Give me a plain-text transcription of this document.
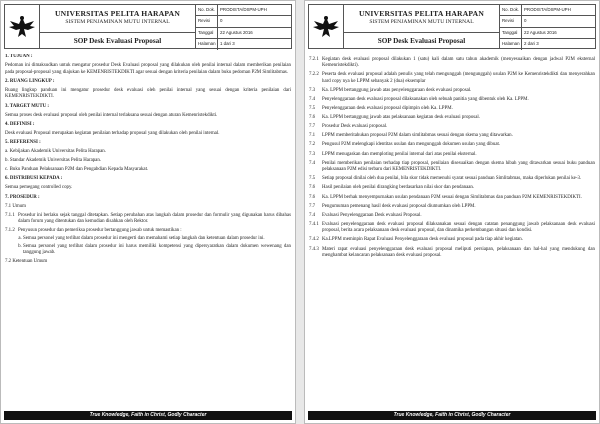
UNIVERSITAS PELITA HARAPAN
SISTEM PENJAMINAN MUTU INTERNAL
SOP Desk Evaluasi Proposal
No. Dok.	PRODISTA/DSPM-UPH
Revisi	0
Tanggal	22 Agustus 2016
Halaman	1 dari 3
1. TUJUAN :

Pedoman ini dimaksudkan untuk mengatur prosedur Desk Evaluasi proposal yang dilakukan oleh penilai internal dalam memberikan penilaian pada proposal-proposal yang diajukan ke KEMENRISTEKDIKTI agar sesuai dengan kriteria penilaian dalam buku pedoman P2M Simlitabmas.

2. RUANG LINGKUP :

Ruang lingkup panduan ini mengatur prosedur desk evaluasi oleh penilai internal yang sesuai dengan kriteria penilaian dari KEMENRISTEKDIKTI.

3. TARGET MUTU :

Semua proses desk evaluasi proposal oleh penilai internal terlaksana sesuai dengan aturan Kemenristekdikti.

4. DEFINISI :

Desk evaluasi Proposal merupakan kegiatan penilaian terhadap proposal yang dilakukan oleh penilai internal.

5. REFERENSI :

a. Kebijakan Akademik Universitas Pelita Harapan.

b. Standar Akademik Universitas Pelita Harapan.

c. Buku Panduan Pelaksanaan P2M dan Pengabdian Kepada Masyarakat.

6. DISTRIBUSI KEPADA :

Semua pemegang controlled copy.

7. PROSEDUR :

7.1 Umum

7.1.1 Prosedur ini berlaku sejak tanggal ditetapkan. Setiap perubahan atas langkah dalam prosedur dan formulir yang digunakan harus dibahas dalam forum yang ditentukan dan kemudian disahkan oleh Rektor.
7.1.2 Penyusun prosedur dan pemeriksa prosedur bertanggung jawab untuk memastikan :
a. Semua personel yang terlibat dalam prosedur ini mengerti dan memahami setiap langkah dan ketentuan dalam prosedur ini.
b. Semua personel yang terlibat dalam prosedur ini harus memiliki kompetensi yang dipersyaratkan dalam dokumen wewenang dan tanggung jawab.

7.2 Ketentuan Umum

True Knowledge, Faith in Christ, Godly Character
UNIVERSITAS PELITA HARAPAN
SISTEM PENJAMINAN MUTU INTERNAL
SOP Desk Evaluasi Proposal
No. Dok.	PRODISTA/DSPM-UPH
Revisi	0
Tanggal	22 Agustus 2016
Halaman	2 dari 3
7.2.1 Kegiatan desk evaluasi proposal dilakukan 1 (satu) kali dalam satu tahun akademik (menyesuaikan dengan jadwal P2M eksternal Kemenristekdikti).
7.2.2 Peserta desk evaluasi proposal adalah penulis yang telah mengunggah (mengunggah) usulan P2M ke Kemenristekdikti dan menyerahkan hard copy nya ke LPPM sebanyak 2 (dua) eksemplar
7.3	Ka. LPPM bertanggung jawab atas penyelenggaraan desk evaluasi proposal.
7.4	Penyelenggaraan desk evaluasi proposal dilaksanakan oleh sebuah panitia yang dibentuk oleh Ka. LPPM.
7.5	Penyelenggaraan desk evaluasi proposal dipimpin oleh Ka. LPPM.
7.6	Ka. LPPM bertanggung jawab atas pelaksanaan kegiatan desk evaluasi proposal.
7.7	Prosedur Desk evaluasi proposal.
7.1	LPPM memberitahukan proposal P2M dalam simlitabmas sesuai dengan skema yang ditawarkan.
7.2	Pengusul P2M melengkapi identitas usulan dan mengunggah dokumen usulan yang dibuat.
7.3	LPPM menugaskan dan memploting penilai internal dari atas penilai eksternal.
7.4	Penilai memberikan penilaian terhadap tiap proposal, penilaian disesuaikan dengan skema hibah yang ditawarkan sesuai buku panduan pelaksanaan P2M edisi terbaru dari KEMENRISTEKDIKTI.
7.5	Setiap proposal dinilai oleh dua penilai, bila skor tidak memenuhi syarat sesuai panduan Simlitabmas, maka diperlukan penilai ke-3.
7.6	Hasil penilaian oleh penilai dirangking berdasarkan nilai skor dan pendanaan.
7.6	Ka. LPPM berhak menyempurnakan usulan pendanaan P2M sesuai dengan Simlitabmas dan panduan P2M KEMENRISTEKDIKTI.
7.7	Pengumuman pemenang hasil desk evaluasi proposal diumumkan oleh LPPM.
7.4	Evaluasi Penyelenggaraan Desk evaluasi Proposal.
7.4.1 Evaluasi penyelenggaraan desk evaluasi proposal dilaksanakan sesuai dengan catatan penanggung jawab pelaksanaan desk evaluasi proposal, berita acara pelaksanaan desk evaluasi proposal, dan dinamika perkembangan situasi dan kondisi.
7.4.2 Ka.LPPM meminpin Rapat Evaluasi Penyelenggaraan desk evaluasi proposal pada tiap akhir kegiatan.
7.4.3 Materi rapat evaluasi penyelenggaraan desk evaluasi proposal meliputi persiapan, pelaksanaan dan hal-hal yang mendukung dan menghambat kelancaran pelaksanaan desk evaluasi proposal.
True Knowledge, Faith in Christ, Godly Character
